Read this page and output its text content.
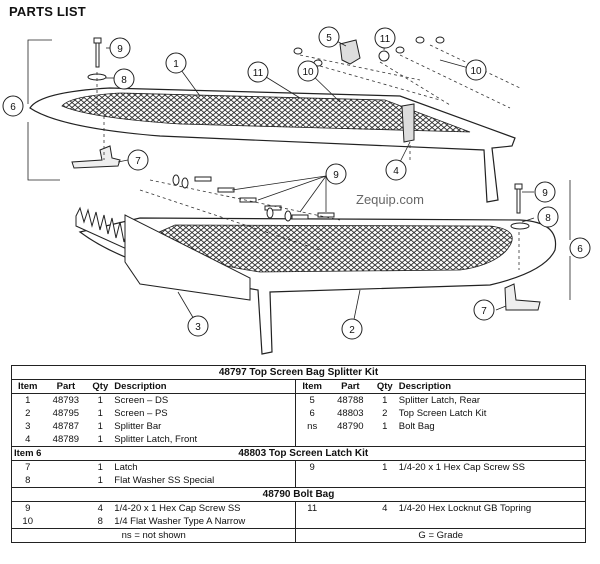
PARTS LIST
1
2
3
4
5
6
6
7
7
8
8
9
9
9
10	10
11
11
Zequip.com
48797 Top Screen Bag Splitter Kit							
Item	Part	Qty	Description	Item	Part	Qty	Description
1	48793	1	Screen – DS	5	48788	1	Splitter Latch, Rear
2	48795	1	Screen – PS	6	48803	2	Top Screen Latch Kit
3	48787	1	Splitter Bar	ns	48790	1	Bolt Bag
4	48789	1	Splitter Latch, Front				
Item 6		48803 Top Screen Latch Kit					
7		1	Latch	9		1	1/4-20 x 1 Hex Cap Screw SS
8		1	Flat Washer SS Special				
48790 Bolt Bag							
9		4	1/4-20 x 1 Hex Cap Screw SS	11		4	1/4-20 Hex Locknut GB Topring
10		8	1/4 Flat Washer Type A Narrow				
ns = not shown				G = Grade			
